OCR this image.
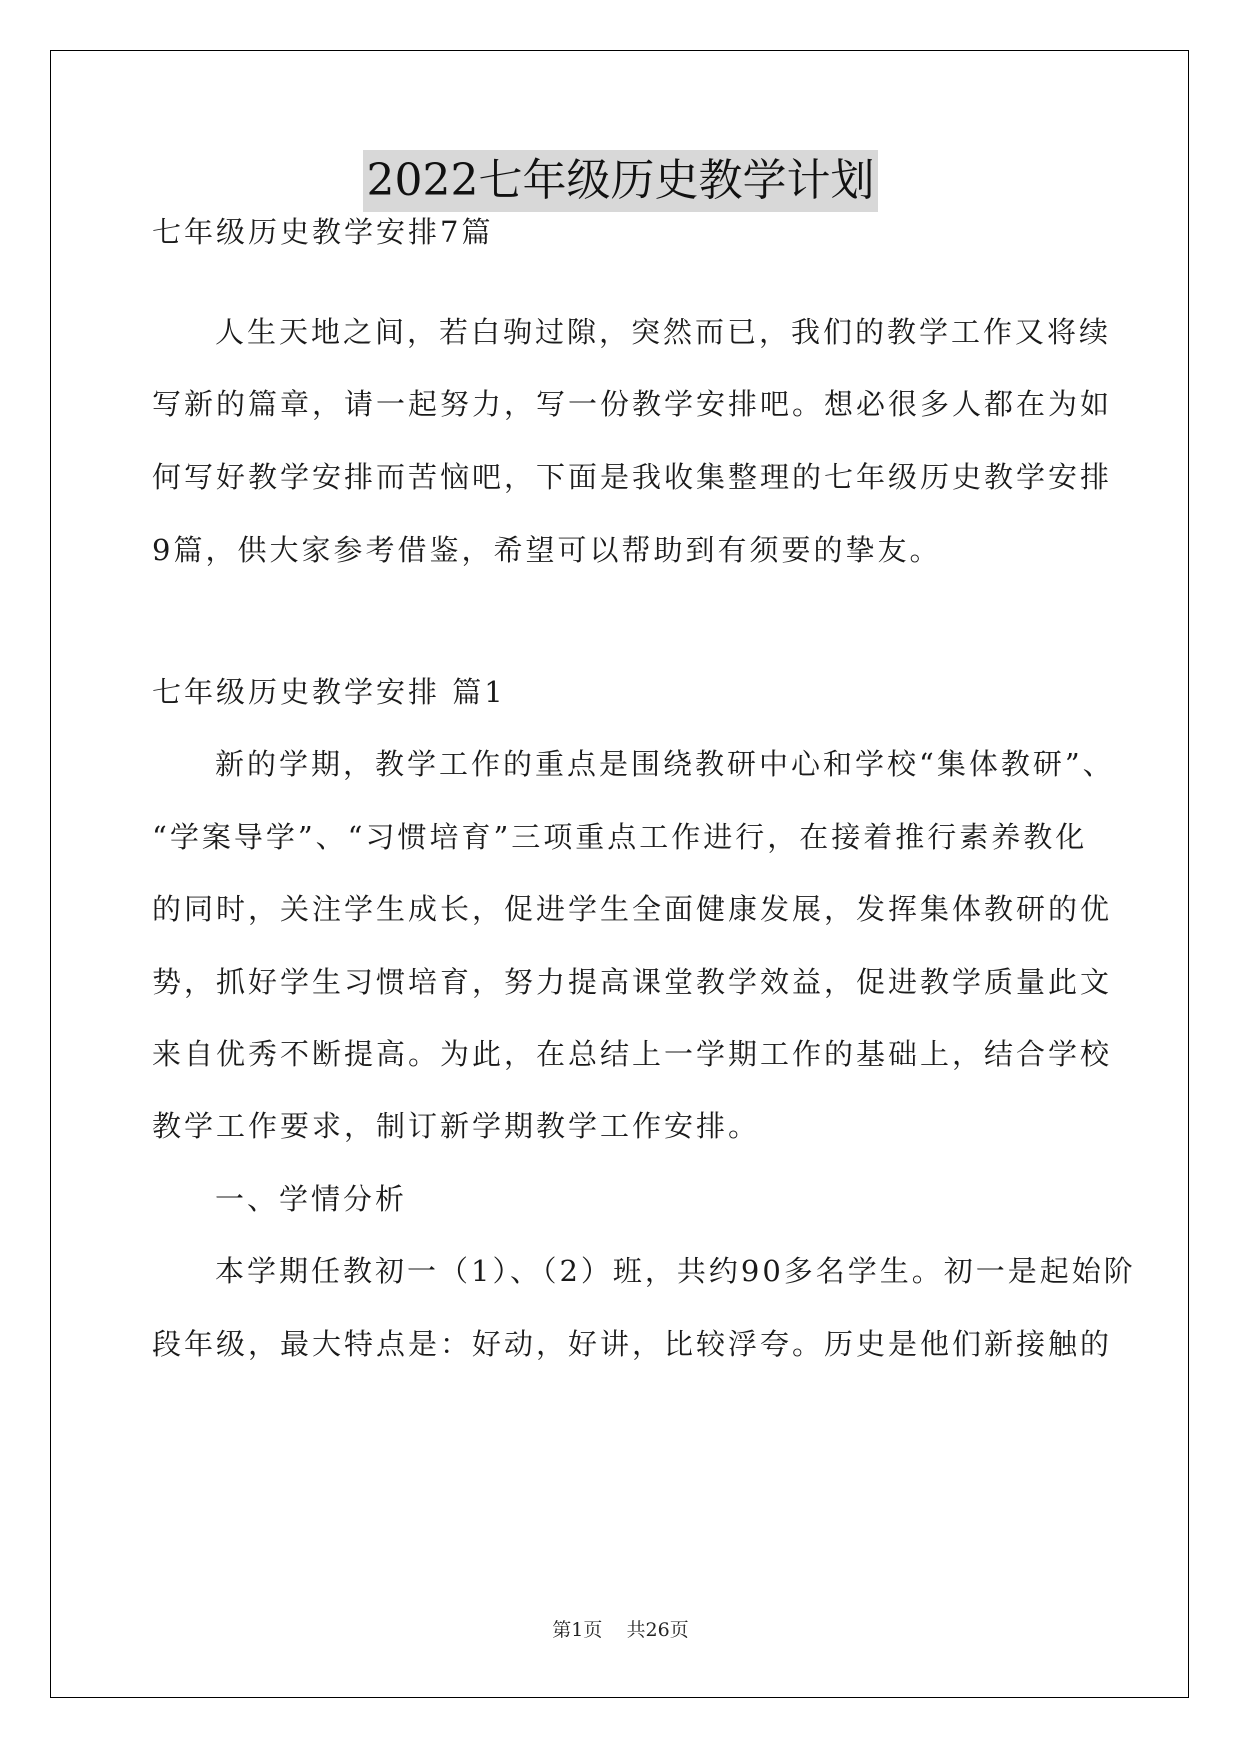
2022七年级历史教学计划
七年级历史教学安排7篇
人生天地之间，若白驹过隙，突然而已，我们的教学工作又将续
写新的篇章，请一起努力，写一份教学安排吧。想必很多人都在为如
何写好教学安排而苦恼吧，下面是我收集整理的七年级历史教学安排
9篇，供大家参考借鉴，希望可以帮助到有须要的挚友。
七年级历史教学安排 篇1
新的学期，教学工作的重点是围绕教研中心和学校“集体教研”、
“学案导学”、“习惯培育”三项重点工作进行，在接着推行素养教化
的同时，关注学生成长，促进学生全面健康发展，发挥集体教研的优
势，抓好学生习惯培育，努力提高课堂教学效益，促进教学质量此文
来自优秀不断提高。为此，在总结上一学期工作的基础上，结合学校
教学工作要求，制订新学期教学工作安排。
一、学情分析
本学期任教初一（1）、（2）班，共约90多名学生。初一是起始阶
段年级，最大特点是：好动，好讲，比较浮夸。历史是他们新接触的
第1页 共26页
